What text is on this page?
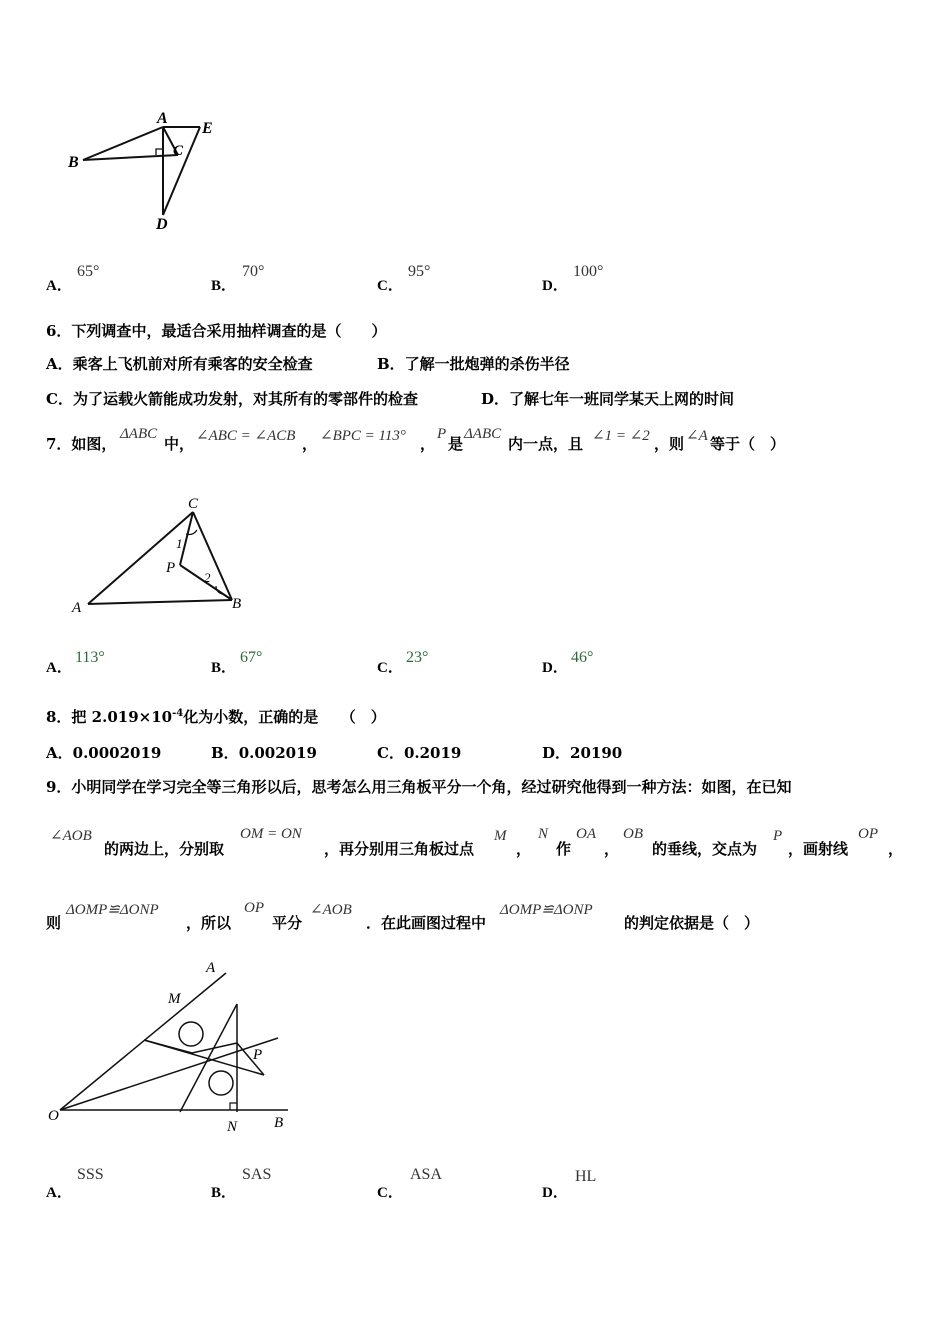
A
E
B
C
D
A．
65°
B．
70°
C．
95°
D．
100°
6．下列调查中，最适合采用抽样调查的是（　　）
A．乘客上飞机前对所有乘客的安全检查	B．了解一批炮弹的杀伤半径
C．为了运载火箭能成功发射，对其所有的零部件的检查	D．了解七年一班同学某天上网的时间
7．如图，
ΔABC
中， ∠ABC = ∠ACB ， ∠BPC = 113° ，
P
是
ΔABC
内一点，且 ∠1 = ∠2 ，则 ∠A 等于（　）
C
1
P
2
A	B
A．
113°
B．
67°
C．
23°
D．
46°
8．把 $2.019\times 10^{-4}$化为小数，正确的是　　（　）
A．0.0002019	B．0.002019	C．0.2019	D．20190
9．小明同学在学习完全等三角形以后，思考怎么用三角板平分一个角，经过研究他得到一种方法：如图，在已知
∠AOB
的两边上，分别取
OM = ON
，再分别用三角板过点
M
，
N
作
OA
，
OB
的垂线，交点为
P
，画射线
OP
，
则
ΔOMP≌ΔONP
，所以
OP
平分
∠AOB
．在此画图过程中
ΔOMP≌ΔONP
的判定依据是（　）
A
M
P
O
N B
A．
SSS
B．
SAS
C．
ASA
D．
HL
